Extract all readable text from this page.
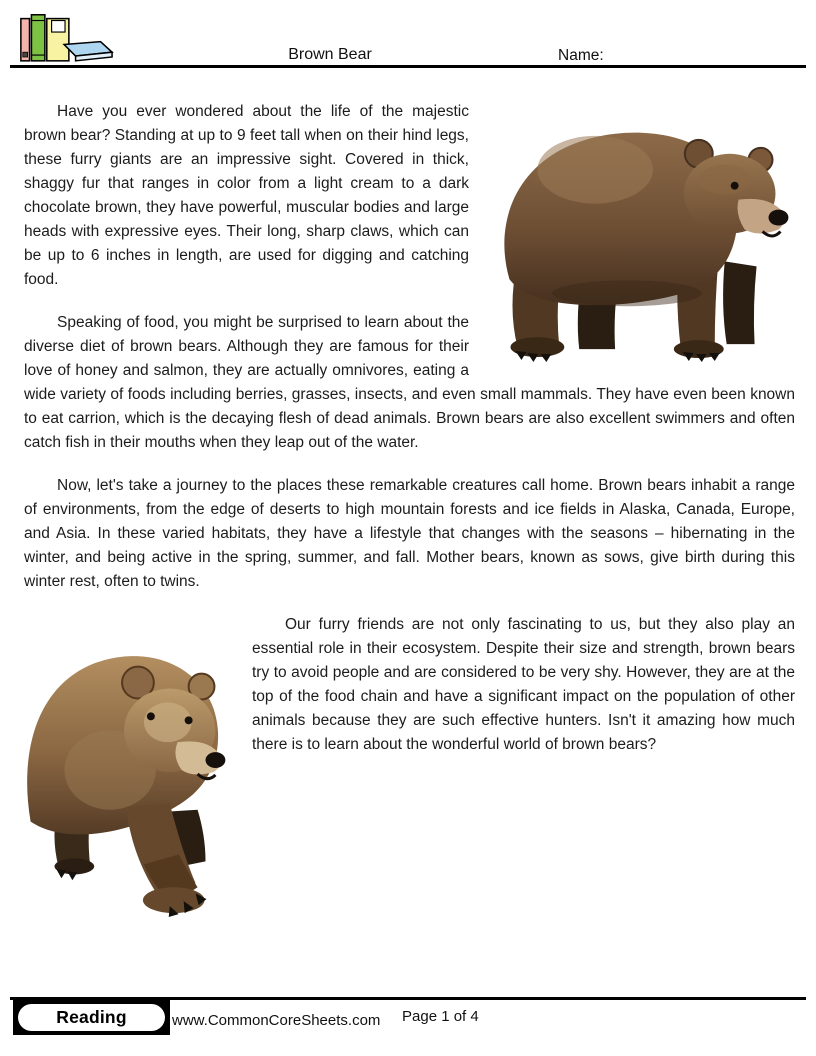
Brown Bear	Name:

Have you ever wondered about the life of the majestic brown bear? Standing at up to 9 feet tall when on their hind legs, these furry giants are an impressive sight. Covered in thick, shaggy fur that ranges in color from a light cream to a dark chocolate brown, they have powerful, muscular bodies and large heads with expressive eyes. Their long, sharp claws, which can be up to 6 inches in length, are used for digging and catching food.

Speaking of food, you might be surprised to learn about the diverse diet of brown bears. Although they are famous for their love of honey and salmon, they are actually omnivores, eating a wide variety of foods including berries, grasses, insects, and even small mammals. They have even been known to eat carrion, which is the decaying flesh of dead animals. Brown bears are also excellent swimmers and often catch fish in their mouths when they leap out of the water.

Now, let's take a journey to the places these remarkable creatures call home. Brown bears inhabit a range of environments, from the edge of deserts to high mountain forests and ice fields in Alaska, Canada, Europe, and Asia. In these varied habitats, they have a lifestyle that changes with the seasons – hibernating in the winter, and being active in the spring, summer, and fall. Mother bears, known as sows, give birth during this winter rest, often to twins.

Our furry friends are not only fascinating to us, but they also play an essential role in their ecosystem. Despite their size and strength, brown bears try to avoid people and are considered to be very shy. However, they are at the top of the food chain and have a significant impact on the population of other animals because they are such effective hunters. Isn't it amazing how much there is to learn about the wonderful world of brown bears?

Reading	www.CommonCoreSheets.com Page 1 of 4
